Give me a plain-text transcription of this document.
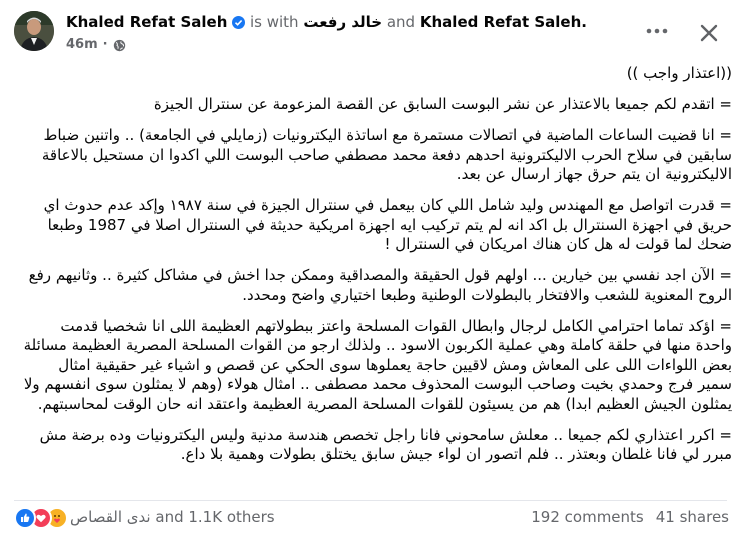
Khaled Refat Saleh is with خالد رفعت and Khaled Refat Saleh.
46m ·

((اعتذار واجب ))

= اتقدم لكم جميعا بالاعتذار عن نشر البوست السابق عن القصة المزعومة عن سنترال الجيزة

= انا قضيت الساعات الماضية في اتصالات مستمرة مع اساتذة اليكترونيات (زمايلي في الجامعة) .. واتنين ضباط سابقين في سلاح الحرب الاليكترونية احدهم دفعة محمد مصطفي صاحب البوست اللي اكدوا ان مستحيل بالاعاقة الاليكترونية ان يتم حرق جهاز ارسال عن بعد.

= قدرت اتواصل مع المهندس وليد شامل اللي كان بيعمل في سنترال الجيزة في سنة ١٩٨٧ وإكد عدم حدوث اي حريق في اجهزة السنترال بل اكد انه لم يتم تركيب ايه اجهزة امريكية حديثة في السنترال اصلا في 1987 وطبعا ضحك لما قولت له هل كان هناك امريكان في السنترال !

= الآن اجد نفسي بين خيارين ... اولهم قول الحقيقة والمصداقية وممكن جدا اخش في مشاكل كثيرة .. وثانيهم رفع الروح المعنوية للشعب والافتخار بالبطولات الوطنية وطبعا اختياري واضح ومحدد.

= اؤكد تماما احترامي الكامل لرجال وابطال القوات المسلحة واعتز ببطولاتهم العظيمة اللى انا شخصيا قدمت واحدة منها في حلقة كاملة وهي عملية الكربون الاسود .. ولذلك ارجو من القوات المسلحة المصرية العظيمة مسائلة بعض اللواءات اللى على المعاش ومش لاقيين حاجة يعملوها سوى الحكي عن قصص و اشياء غير حقيقية امثال سمير فرج وحمدي بخيت وصاحب البوست المحذوف محمد مصطفى .. امثال هولاء (وهم لا يمثلون سوى انفسهم ولا يمثلون الجيش العظيم ابدا) هم من يسيئون للقوات المسلحة المصرية العظيمة واعتقد انه حان الوقت لمحاسبتهم.

= اكرر اعتذاري لكم جميعا .. معلش سامحوني فانا راجل تخصص هندسة مدنية وليس اليكترونيات وده برضة مش مبرر لي فانا غلطان وبعتذر .. فلم اتصور ان لواء جيش سابق يختلق بطولات وهمية بلا داع.

ندى القصاص and 1.1K others	192 comments 41 shares
